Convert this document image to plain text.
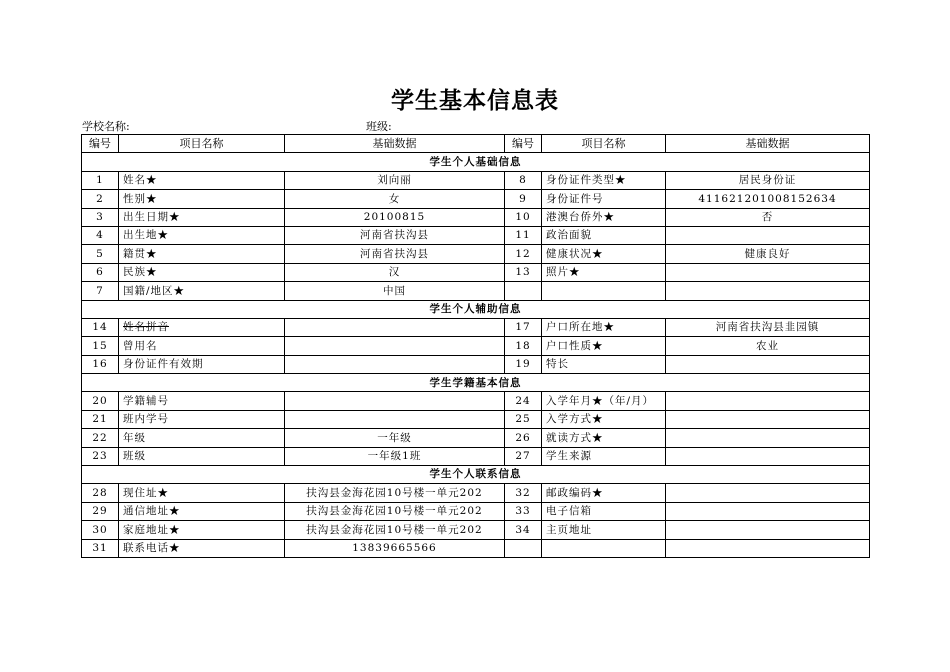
学生基本信息表
学校名称:	班级:
编号	项目名称	基础数据	编号	项目名称	基础数据
学生个人基础信息					
1	姓名★	刘向丽	8	身份证件类型★	居民身份证
2	性别★	女	9	身份证件号	411621201008152634
3	出生日期★	20100815	10	港澳台侨外★	否
4	出生地★	河南省扶沟县	11	政治面貌	
5	籍贯★	河南省扶沟县	12	健康状况★	健康良好
6	民族★	汉	13	照片★	
7	国籍/地区★	中国			
学生个人辅助信息					
14	姓名拼音		17	户口所在地★	河南省扶沟县韭园镇
15	曾用名		18	户口性质★	农业
16	身份证件有效期		19	特长	
学生学籍基本信息					
20	学籍辅号		24	入学年月★（年/月）	
21	班内学号		25	入学方式★	
22	年级	一年级	26	就读方式★	
23	班级	一年级1班	27	学生来源	
学生个人联系信息					
28	现住址★	扶沟县金海花园10号楼一单元202	32	邮政编码★	
29	通信地址★	扶沟县金海花园10号楼一单元202	33	电子信箱	
30	家庭地址★	扶沟县金海花园10号楼一单元202	34	主页地址	
31	联系电话★	13839665566			
